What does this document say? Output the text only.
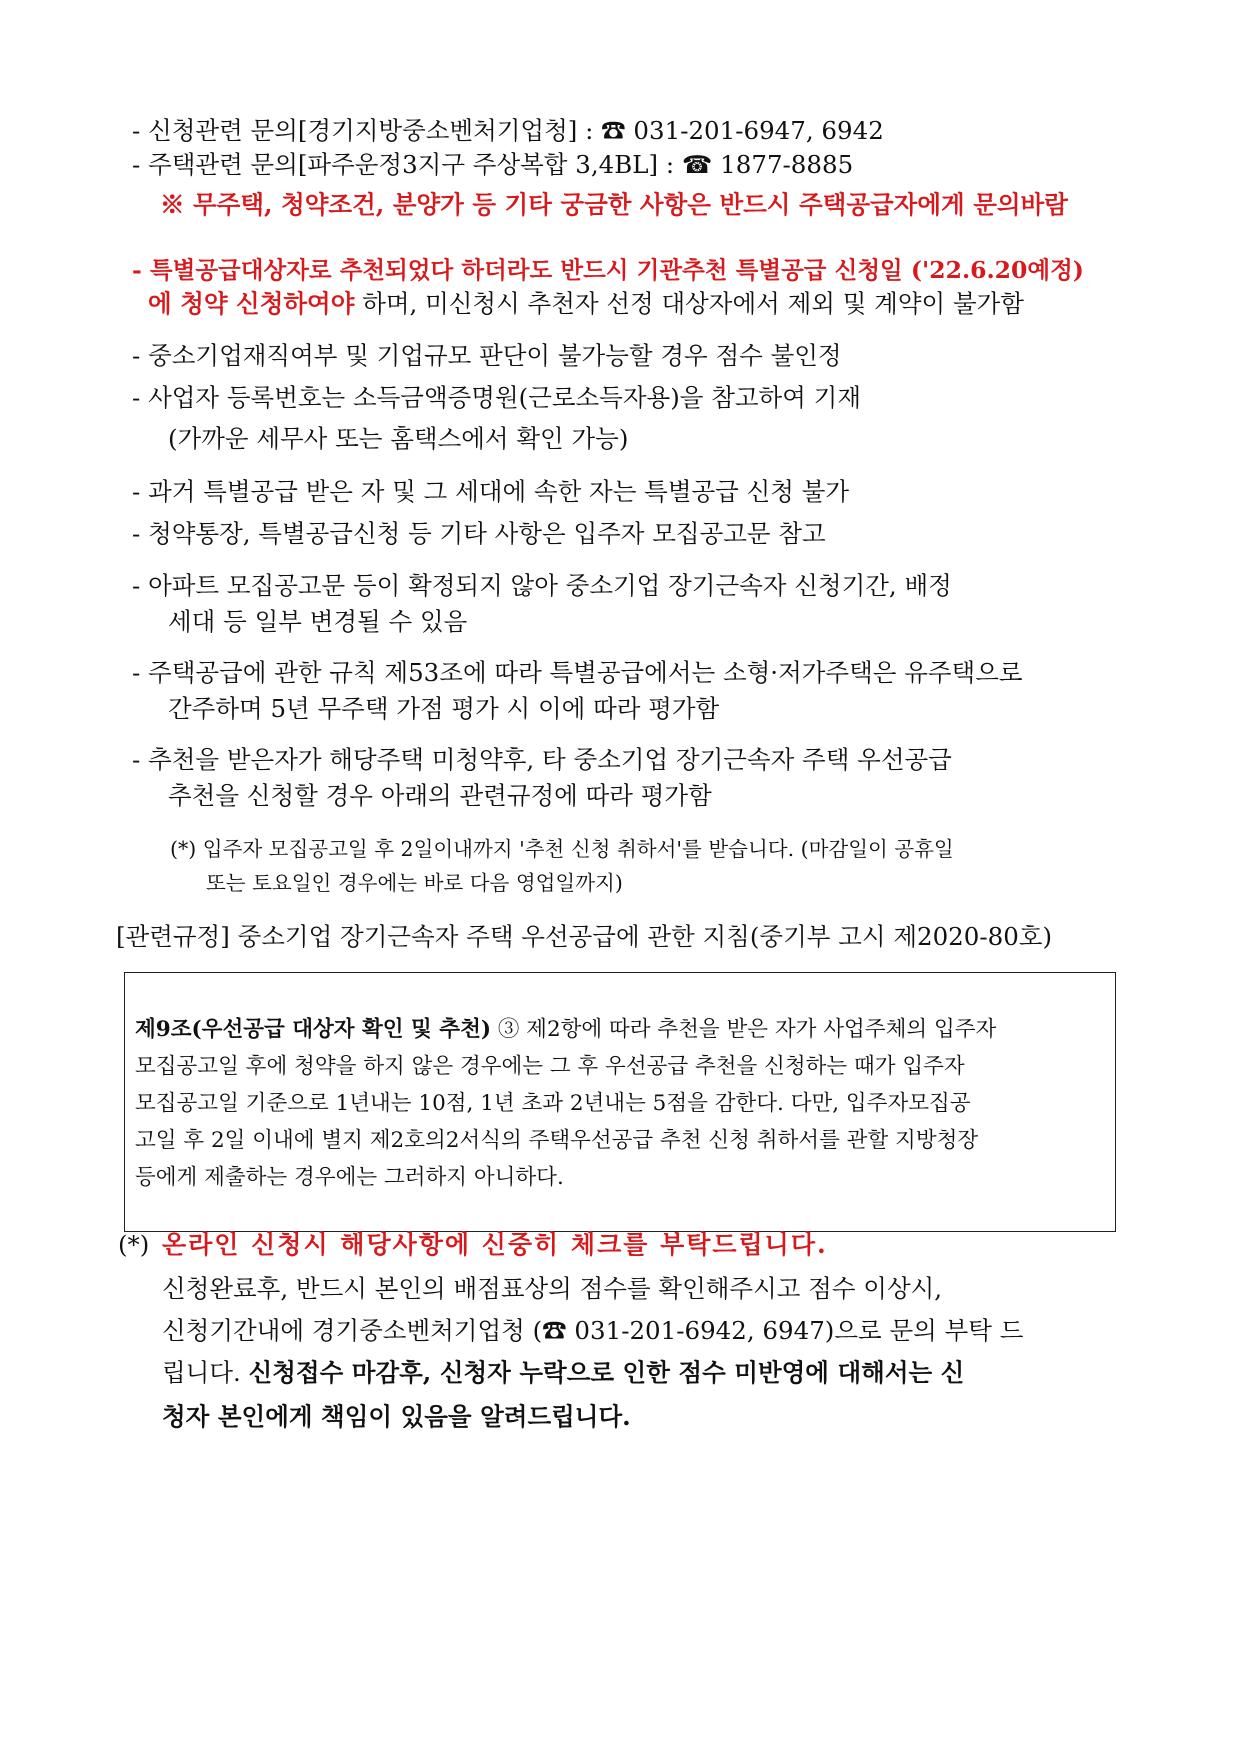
- 신청관련 문의[경기지방중소벤처기업청] : ☎ 031-201-6947, 6942
- 주택관련 문의[파주운정3지구 주상복합 3,4BL] : ☎ 1877-8885
※ 무주택, 청약조건, 분양가 등 기타 궁금한 사항은 반드시 주택공급자에게 문의바람
- 특별공급대상자로 추천되었다 하더라도 반드시 기관추천 특별공급 신청일 ('22.6.20예정)
에 청약 신청하여야 하며, 미신청시 추천자 선정 대상자에서 제외 및 계약이 불가함
- 중소기업재직여부 및 기업규모 판단이 불가능할 경우 점수 불인정
- 사업자 등록번호는 소득금액증명원(근로소득자용)을 참고하여 기재
(가까운 세무사 또는 홈택스에서 확인 가능)
- 과거 특별공급 받은 자 및 그 세대에 속한 자는 특별공급 신청 불가
- 청약통장, 특별공급신청 등 기타 사항은 입주자 모집공고문 참고
- 아파트 모집공고문 등이 확정되지 않아 중소기업 장기근속자 신청기간, 배정
세대 등 일부 변경될 수 있음
- 주택공급에 관한 규칙 제53조에 따라 특별공급에서는 소형·저가주택은 유주택으로
간주하며 5년 무주택 가점 평가 시 이에 따라 평가함
- 추천을 받은자가 해당주택 미청약후, 타 중소기업 장기근속자 주택 우선공급
추천을 신청할 경우 아래의 관련규정에 따라 평가함
(*) 입주자 모집공고일 후 2일이내까지 '추천 신청 취하서'를 받습니다. (마감일이 공휴일
또는 토요일인 경우에는 바로 다음 영업일까지)
[관련규정] 중소기업 장기근속자 주택 우선공급에 관한 지침(중기부 고시 제2020-80호)
제9조(우선공급 대상자 확인 및 추천) ③ 제2항에 따라 추천을 받은 자가 사업주체의 입주자
모집공고일 후에 청약을 하지 않은 경우에는 그 후 우선공급 추천을 신청하는 때가 입주자
모집공고일 기준으로 1년내는 10점, 1년 초과 2년내는 5점을 감한다. 다만, 입주자모집공
고일 후 2일 이내에 별지 제2호의2서식의 주택우선공급 추천 신청 취하서를 관할 지방청장
등에게 제출하는 경우에는 그러하지 아니하다.
(*) 온라인 신청시 해당사항에 신중히 체크를 부탁드립니다.
신청완료후, 반드시 본인의 배점표상의 점수를 확인해주시고 점수 이상시,
신청기간내에 경기중소벤처기업청 (☎ 031-201-6942, 6947)으로 문의 부탁 드
립니다. 신청접수 마감후, 신청자 누락으로 인한 점수 미반영에 대해서는 신
청자 본인에게 책임이 있음을 알려드립니다.
